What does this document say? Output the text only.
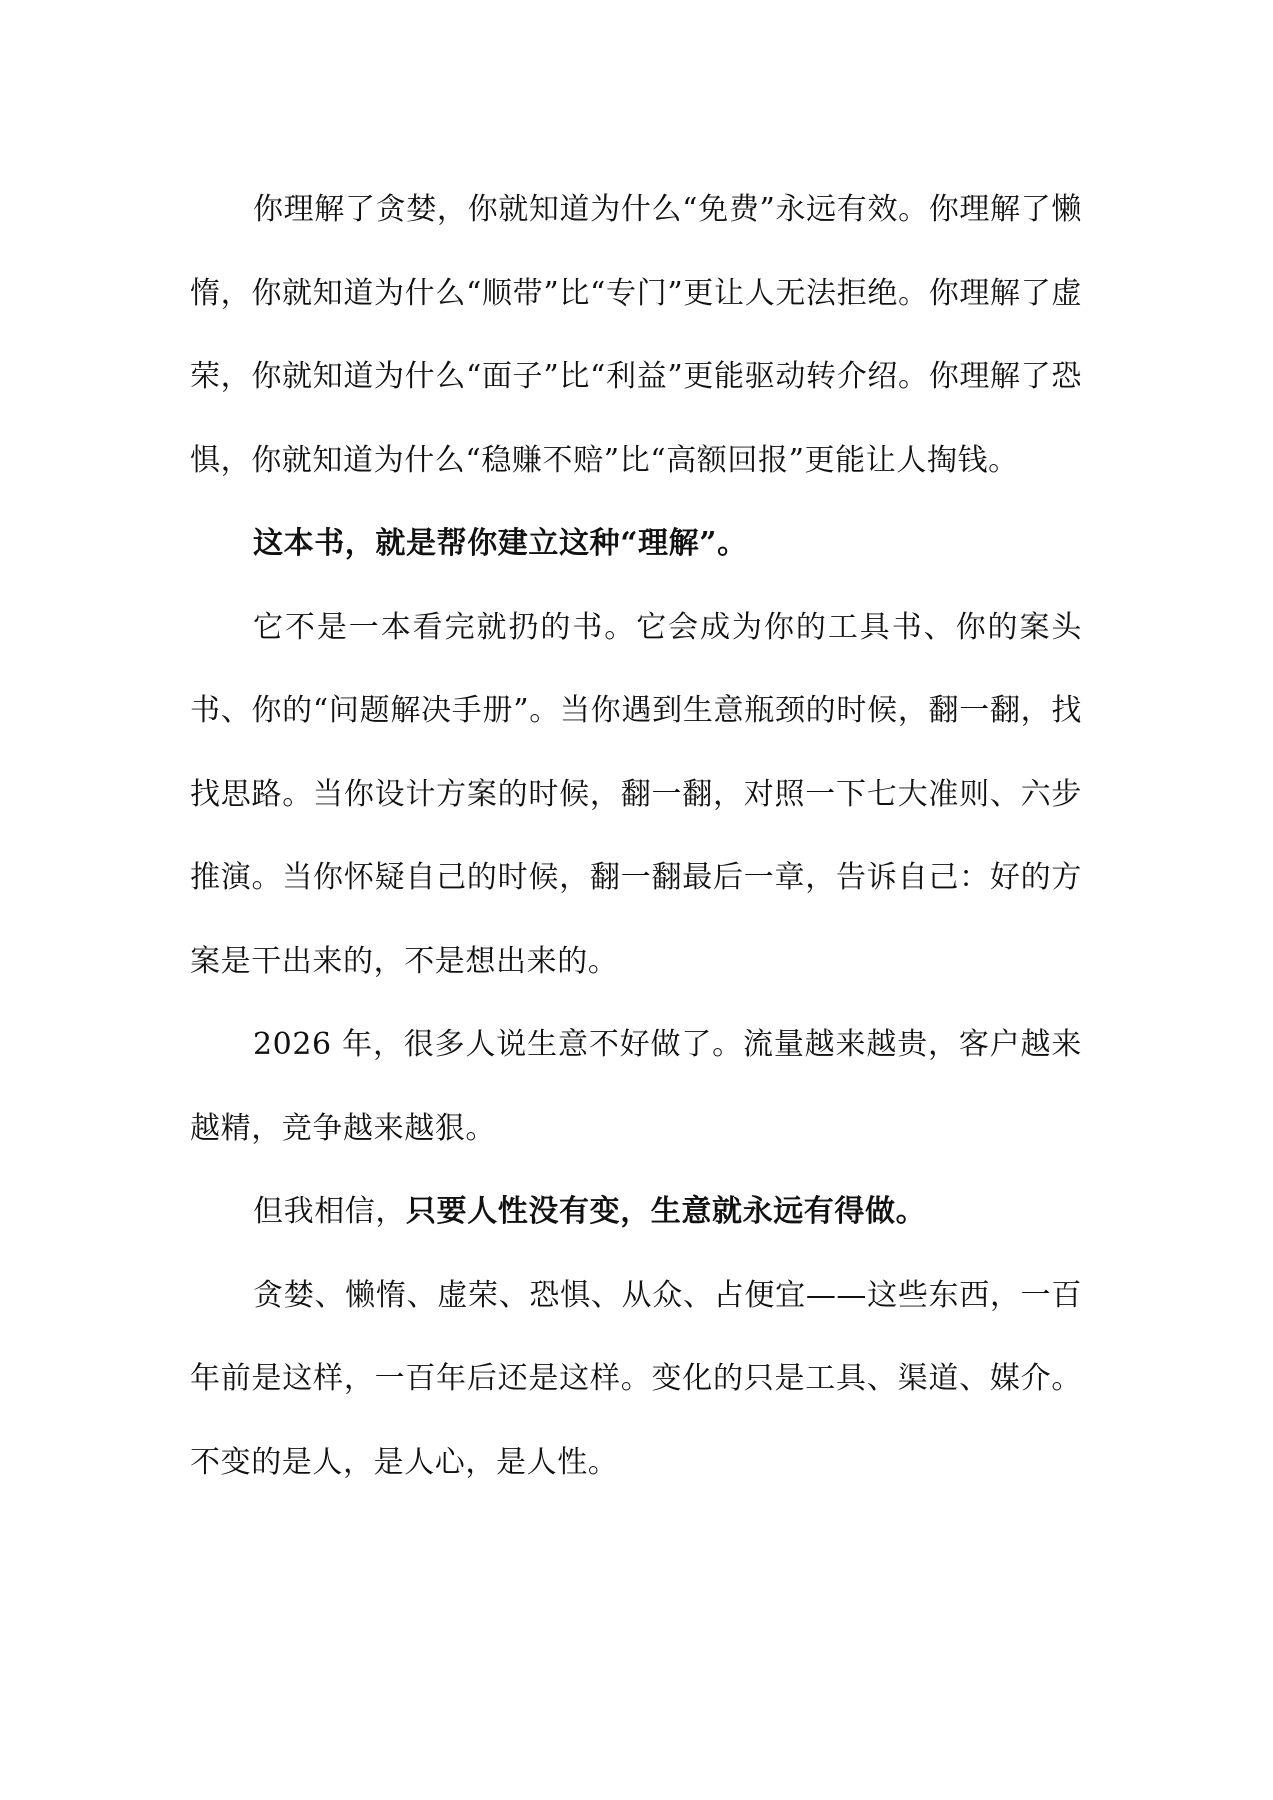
你理解了贪婪，你就知道为什么“免费”永远有效。你理解了懒惰，你就知道为什么“顺带”比“专门”更让人无法拒绝。你理解了虚荣，你就知道为什么“面子”比“利益”更能驱动转介绍。你理解了恐惧，你就知道为什么“稳赚不赔”比“高额回报”更能让人掏钱。

这本书，就是帮你建立这种“理解”。

它不是一本看完就扔的书。它会成为你的工具书、你的案头书、你的“问题解决手册”。当你遇到生意瓶颈的时候，翻一翻，找找思路。当你设计方案的时候，翻一翻，对照一下七大准则、六步推演。当你怀疑自己的时候，翻一翻最后一章，告诉自己：好的方案是干出来的，不是想出来的。

2026 年，很多人说生意不好做了。流量越来越贵，客户越来越精，竞争越来越狠。

但我相信，只要人性没有变，生意就永远有得做。

贪婪、懒惰、虚荣、恐惧、从众、占便宜——这些东西，一百年前是这样，一百年后还是这样。变化的只是工具、渠道、媒介。不变的是人，是人心，是人性。
